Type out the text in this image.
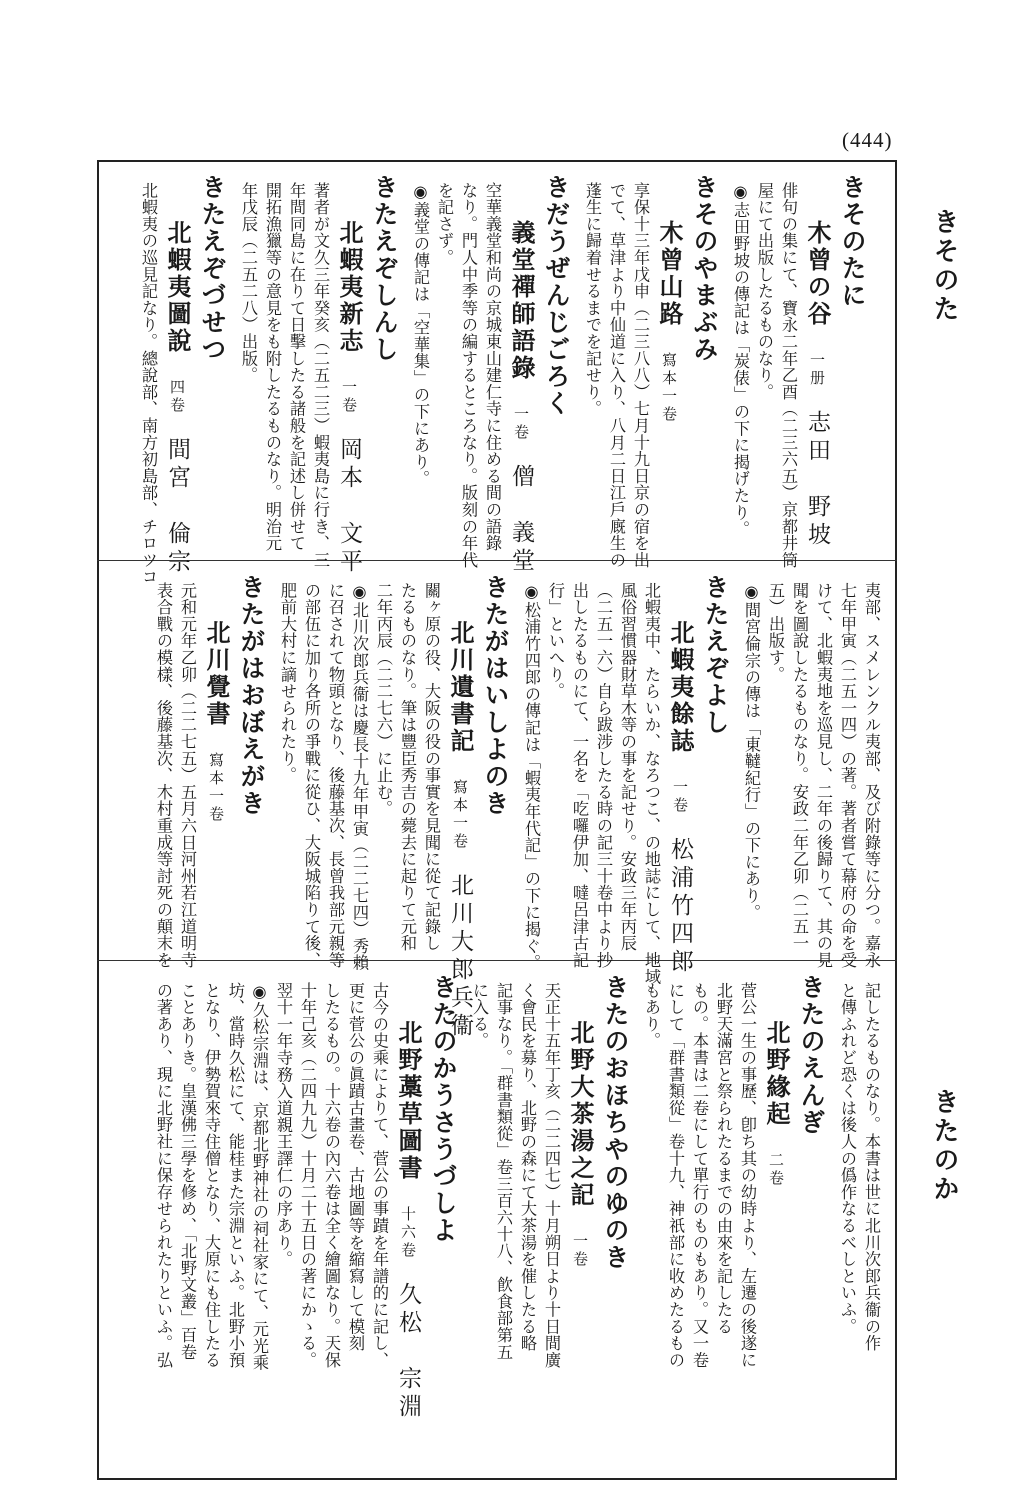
(444)
きそのた
きたのか
きそのたに
木曾の谷一册志田　野坡
俳句の集にて、寶永二年乙酉（二三六五）京都井筒
屋にて出版したるものなり。
◉志田野坡の傳記は「炭俵」の下に揭げたり。
きそのやまぶみ
木曾山路寫本一卷
享保十三年戊申（二三八八）七月十九日京の宿を出
でて、草津より中仙道に入り、八月二日江戶廐生の
蓬生に歸着せるまでを記せり。
きだうぜんじごろく
義堂禪師語錄一卷僧　義堂
空華義堂和尚の京城東山建仁寺に住める間の語錄
なり。門人中季等の編するところなり。版刻の年代
を記さず。
◉義堂の傳記は「空華集」の下にあり。
きたえぞしんし
北蝦夷新志一卷岡本　文平
著者が文久三年癸亥（二五二三）蝦夷島に行き、三
年間同島に在りて日擊したる諸般を記述し併せて
開拓漁獵等の意見をも附したるものなり。明治元
年戊辰（二五二八）出版。
きたえぞづせつ
北蝦夷圖說四卷間宮　倫宗
北蝦夷の巡見記なり。總說部、南方初島部、チロツコ
夷部、スメレンクル夷部、及び附錄等に分つ。嘉永
七年甲寅（二五一四）の著。著者嘗て幕府の命を受
けて、北蝦夷地を巡見し、二年の後歸りて、其の見
聞を圖說したるものなり。安政二年乙卯（二五一
五）出版す。
◉間宮倫宗の傳は「東韃紀行」の下にあり。
きたえぞよし
北蝦夷餘誌一卷松浦竹四郎
北蝦夷中、たらいか、なろつこ、の地誌にして、地域
風俗習慣器財草木等の事を記せり。安政三年丙辰
（二五一六）自ら跋涉したる時の記三十卷中より抄
出したるものにて、一名を「吃囉伊加、噠呂津古記
行」といへり。
◉松浦竹四郎の傳記は「蝦夷年代記」の下に揭ぐ。
きたがはいしよのき
北川遺書記寫本一卷北川大郎兵衞
關ヶ原の役、大阪の役の事實を見聞に從て記錄し
たるものなり。筆は豐臣秀吉の薨去に起りて元和
二年丙辰（二二七六）に止む。
◉北川次郎兵衞は慶長十九年甲寅（二二七四）秀賴
に召されて物頭となり、後藤基次、長曾我部元親等
の部伍に加り各所の爭戰に從ひ、大阪城陷りて後、
肥前大村に謫せられたり。
きたがはおぼえがき
北川覺書寫本一卷
元和元年乙卯（二二七五）五月六日河州若江道明寺
表合戰の模樣、後藤基次、木村重成等討死の顛末を
記したるものなり。本書は世に北川次郎兵衞の作
と傳ふれど恐くは後人の僞作なるべしといふ。
きたのえんぎ
北野緣起二卷
菅公一生の事歷、卽ち其の幼時より、左遷の後遂に
北野天滿宮と祭られたるまでの由來を記したる
もの。本書は二卷にして單行のものもあり。又一卷
にして「群書類從」卷十九、神祇部に收めたるもの
もあり。
きたのおほちやのゆのき
北野大茶湯之記一卷
天正十五年丁亥（二二四七）十月朔日より十日間廣
く會民を募り、北野の森にて大茶湯を催したる略
記事なり。「群書類從」卷三百六十八、飮食部第五
に入る。
きたのかうさうづしよ
北野藁草圖書十六卷久松　宗淵
古今の史乘によりて、菅公の事蹟を年譜的に記し、
更に菅公の眞蹟古畫卷、古地圖等を縮寫して模刻
したるもの。十六卷の內六卷は全く繪圖なり。天保
十年己亥（二四九九）十月二十五日の著にかゝる。
翌十一年寺務入道親王譯仁の序あり。
◉久松宗淵は、京都北野神社の祠社家にて、元光乘
坊、當時久松にて、能桂また宗淵といふ。北野小預
となり、伊勢賀來寺住僧となり、大原にも住したる
ことありき。皇漢佛三學を修め、「北野文叢」百卷
の著あり、現に北野社に保存せられたりといふ。弘
